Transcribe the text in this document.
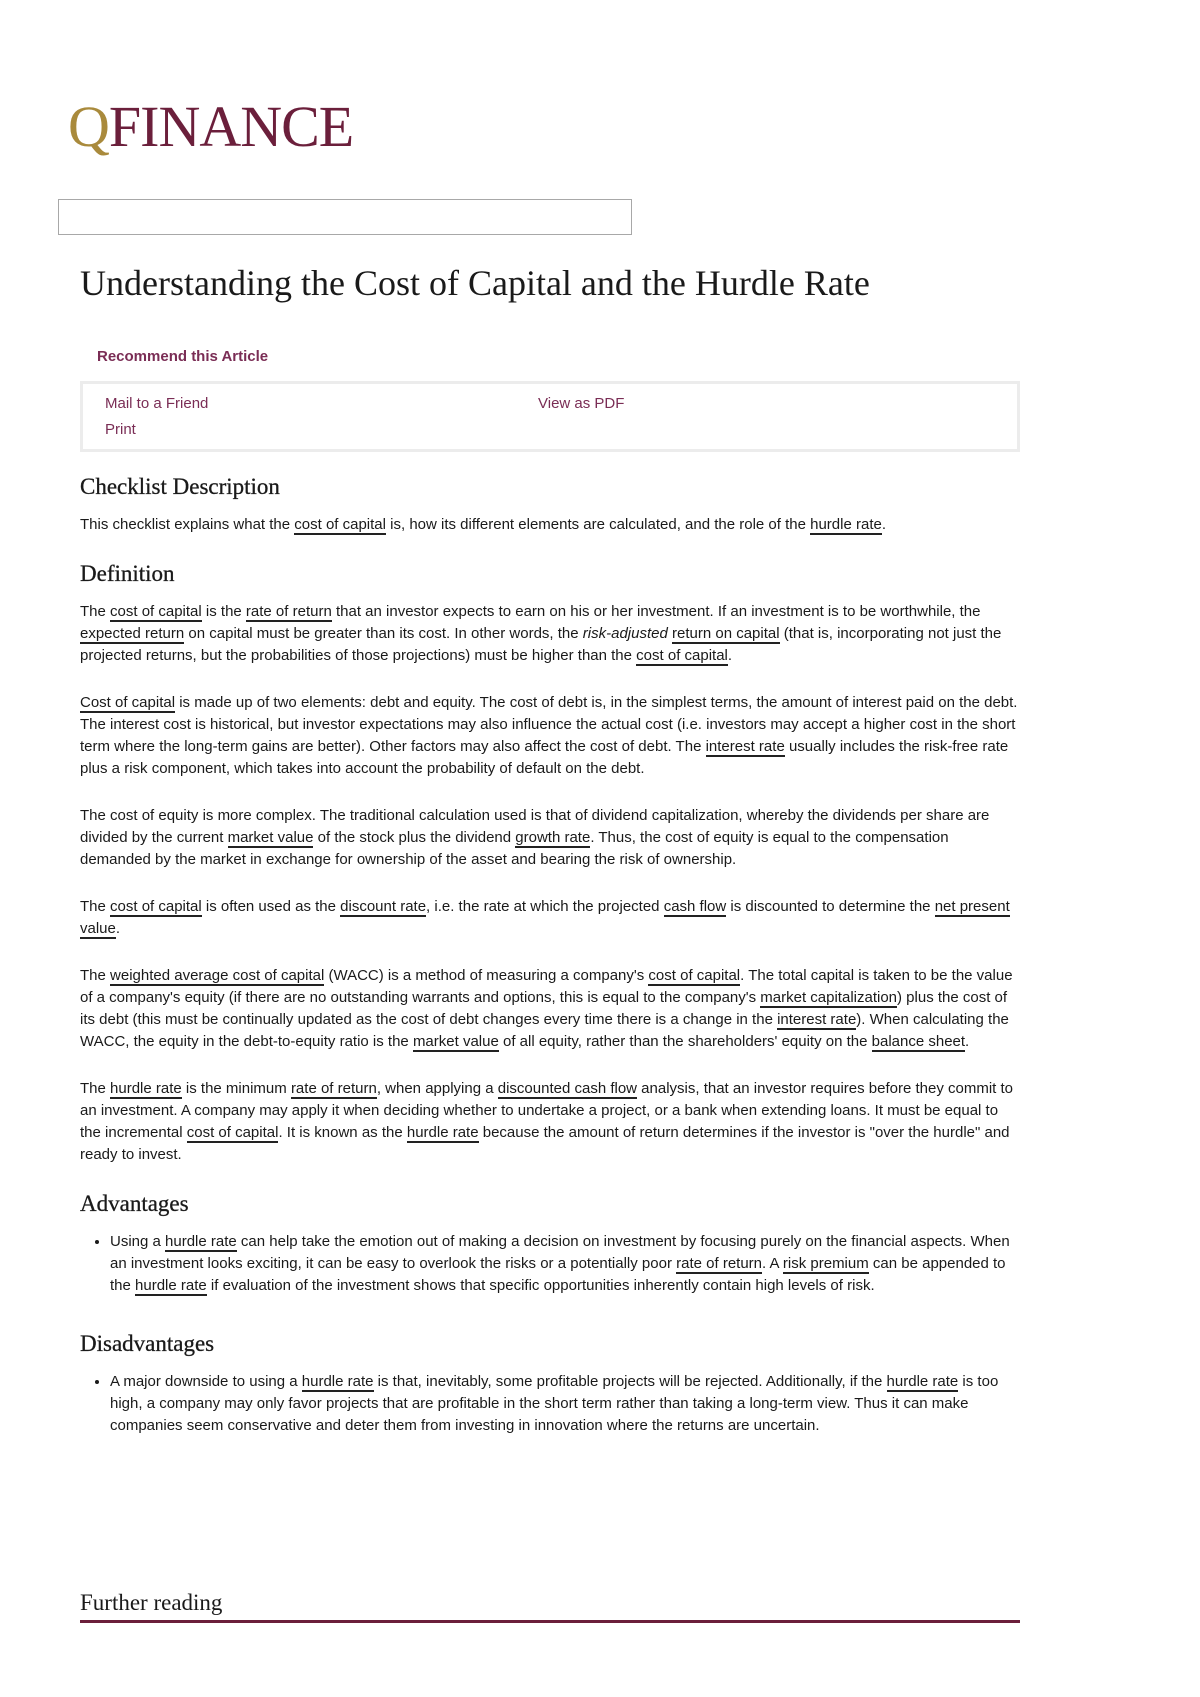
QFINANCE
Understanding the Cost of Capital and the Hurdle Rate
Recommend this Article
Mail to a Friend
Print
View as PDF
Checklist Description

This checklist explains what the cost of capital is, how its different elements are calculated, and the role of the hurdle rate.

Definition

The cost of capital is the rate of return that an investor expects to earn on his or her investment. If an investment is to be worthwhile, the expected return on capital must be greater than its cost. In other words, the risk-adjusted return on capital (that is, incorporating not just the projected returns, but the probabilities of those projections) must be higher than the cost of capital.

Cost of capital is made up of two elements: debt and equity. The cost of debt is, in the simplest terms, the amount of interest paid on the debt. The interest cost is historical, but investor expectations may also influence the actual cost (i.e. investors may accept a higher cost in the short term where the long-term gains are better). Other factors may also affect the cost of debt. The interest rate usually includes the risk-free rate plus a risk component, which takes into account the probability of default on the debt.

The cost of equity is more complex. The traditional calculation used is that of dividend capitalization, whereby the dividends per share are divided by the current market value of the stock plus the dividend growth rate. Thus, the cost of equity is equal to the compensation demanded by the market in exchange for ownership of the asset and bearing the risk of ownership.

The cost of capital is often used as the discount rate, i.e. the rate at which the projected cash flow is discounted to determine the net present value.

The weighted average cost of capital (WACC) is a method of measuring a company's cost of capital. The total capital is taken to be the value of a company's equity (if there are no outstanding warrants and options, this is equal to the company's market capitalization) plus the cost of its debt (this must be continually updated as the cost of debt changes every time there is a change in the interest rate). When calculating the WACC, the equity in the debt-to-equity ratio is the market value of all equity, rather than the shareholders' equity on the balance sheet.

The hurdle rate is the minimum rate of return, when applying a discounted cash flow analysis, that an investor requires before they commit to an investment. A company may apply it when deciding whether to undertake a project, or a bank when extending loans. It must be equal to the incremental cost of capital. It is known as the hurdle rate because the amount of return determines if the investor is "over the hurdle" and ready to invest.

Advantages
• Using a hurdle rate can help take the emotion out of making a decision on investment by focusing purely on the financial aspects. When an investment looks exciting, it can be easy to overlook the risks or a potentially poor rate of return. A risk premium can be appended to the hurdle rate if evaluation of the investment shows that specific opportunities inherently contain high levels of risk.
Disadvantages
• A major downside to using a hurdle rate is that, inevitably, some profitable projects will be rejected. Additionally, if the hurdle rate is too high, a company may only favor projects that are profitable in the short term rather than taking a long-term view. Thus it can make companies seem conservative and deter them from investing in innovation where the returns are uncertain.
Further reading
